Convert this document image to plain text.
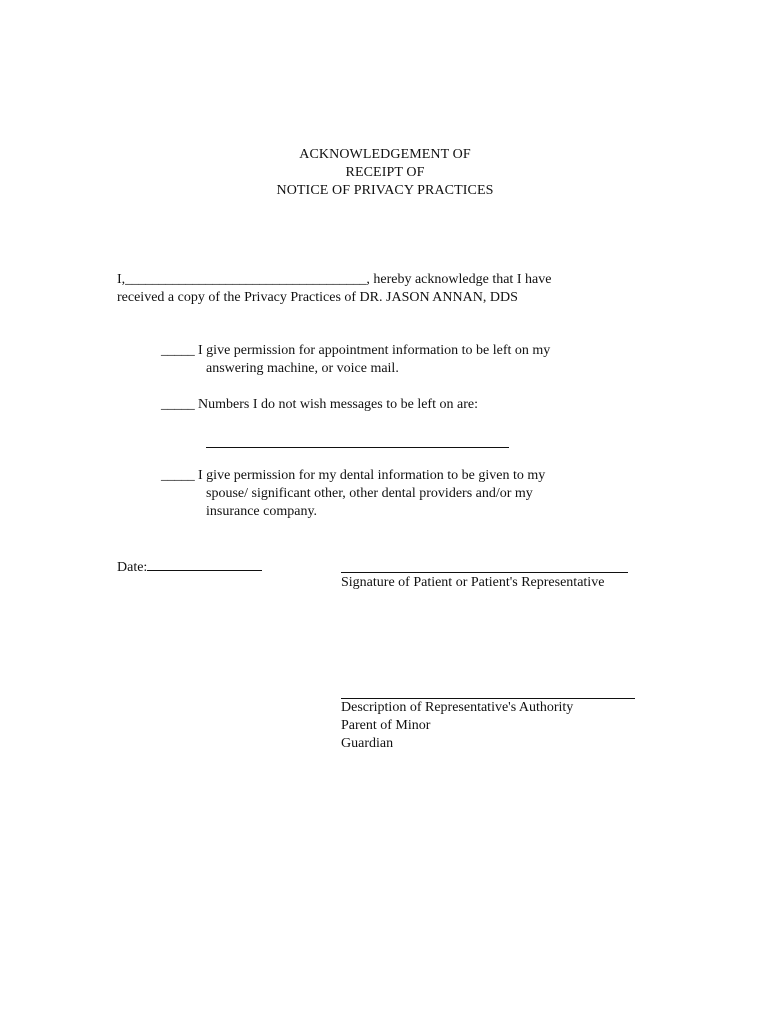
ACKNOWLEDGEMENT OF
RECEIPT OF
NOTICE OF PRIVACY PRACTICES
I,____________________________________, hereby acknowledge that I have
received a copy of the Privacy Practices of DR. JASON ANNAN, DDS
_____ I give permission for appointment information to be left on my
answering machine, or voice mail.
_____ Numbers I do not wish messages to be left on are:
_____ I give permission for my dental information to be given to my
spouse/ significant other, other dental providers and/or my
insurance company.
Date:
Signature of Patient or Patient's Representative
Description of Representative's Authority
Parent of Minor
Guardian
